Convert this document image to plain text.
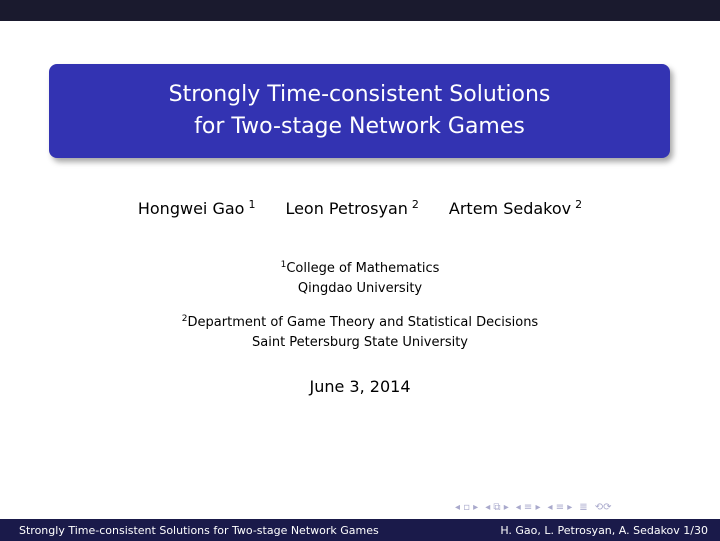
Strongly Time-consistent Solutions
for Two-stage Network Games
Hongwei Gao $^1$ Leon Petrosyan $^2$ Artem Sedakov $^2$
$^1$College of Mathematics
Qingdao University
$^2$Department of Game Theory and Statistical Decisions
Saint Petersburg State University
June 3, 2014
◂ ▫ ▸ ◂ ⧉ ▸ ◂ ≡ ▸ ◂ ≡ ▸ ≣ ⟲⟳
Strongly Time-consistent Solutions for Two-stage Network Games	H. Gao, L. Petrosyan, A. Sedakov 1/30
